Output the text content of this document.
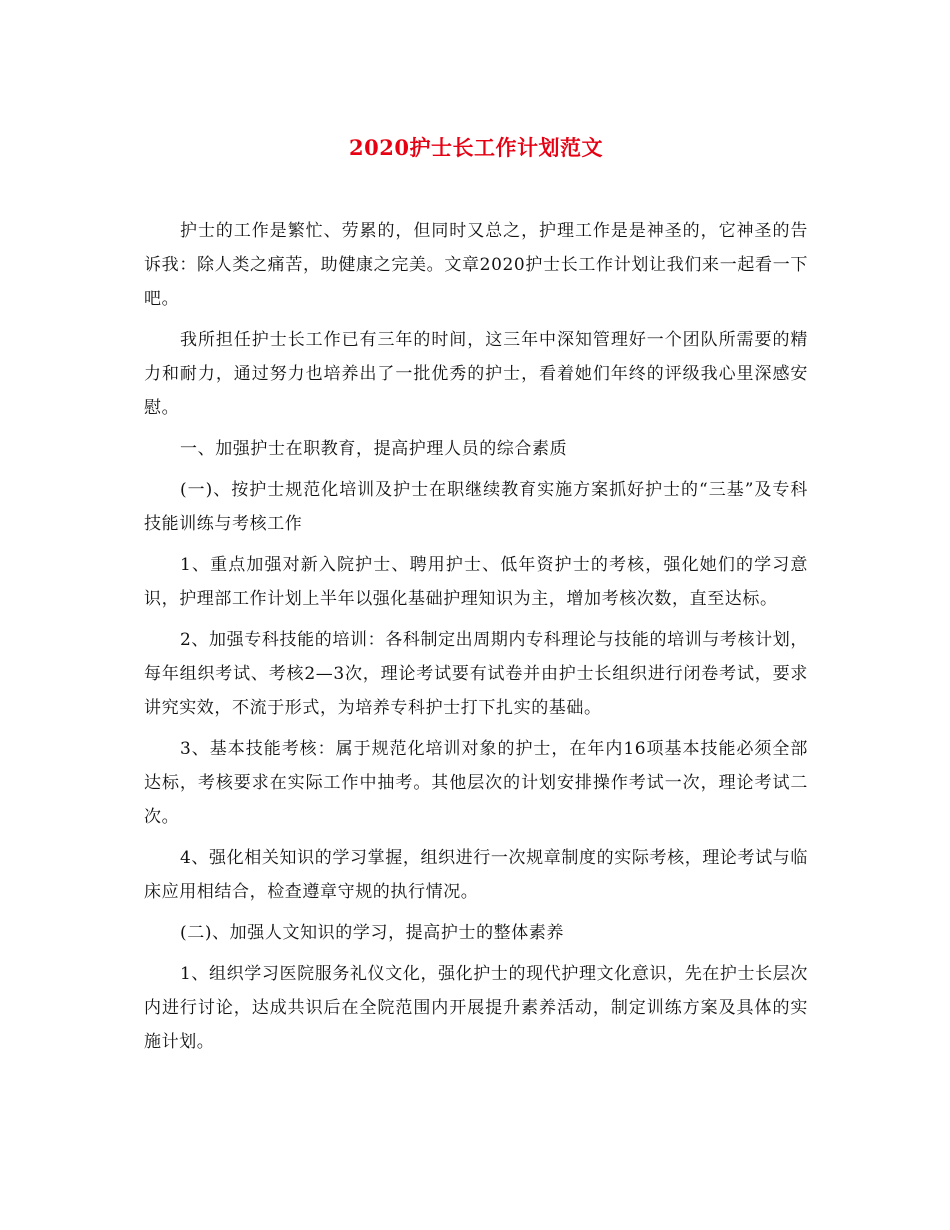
2020护士长工作计划范文

护士的工作是繁忙、劳累的，但同时又总之，护理工作是是神圣的，它神圣的告诉我：除人类之痛苦，助健康之完美。文章2020护士长工作计划让我们来一起看一下吧。

我所担任护士长工作已有三年的时间，这三年中深知管理好一个团队所需要的精力和耐力，通过努力也培养出了一批优秀的护士，看着她们年终的评级我心里深感安慰。

一、加强护士在职教育，提高护理人员的综合素质

(一)、按护士规范化培训及护士在职继续教育实施方案抓好护士的“三基”及专科技能训练与考核工作

1、重点加强对新入院护士、聘用护士、低年资护士的考核，强化她们的学习意识，护理部工作计划上半年以强化基础护理知识为主，增加考核次数，直至达标。

2、加强专科技能的培训：各科制定出周期内专科理论与技能的培训与考核计划，每年组织考试、考核2—3次，理论考试要有试卷并由护士长组织进行闭卷考试，要求讲究实效，不流于形式，为培养专科护士打下扎实的基础。

3、基本技能考核：属于规范化培训对象的护士，在年内16项基本技能必须全部达标，考核要求在实际工作中抽考。其他层次的计划安排操作考试一次，理论考试二次。

4、强化相关知识的学习掌握，组织进行一次规章制度的实际考核，理论考试与临床应用相结合，检查遵章守规的执行情况。

(二)、加强人文知识的学习，提高护士的整体素养

1、组织学习医院服务礼仪文化，强化护士的现代护理文化意识，先在护士长层次内进行讨论，达成共识后在全院范围内开展提升素养活动，制定训练方案及具体的实施计划。
